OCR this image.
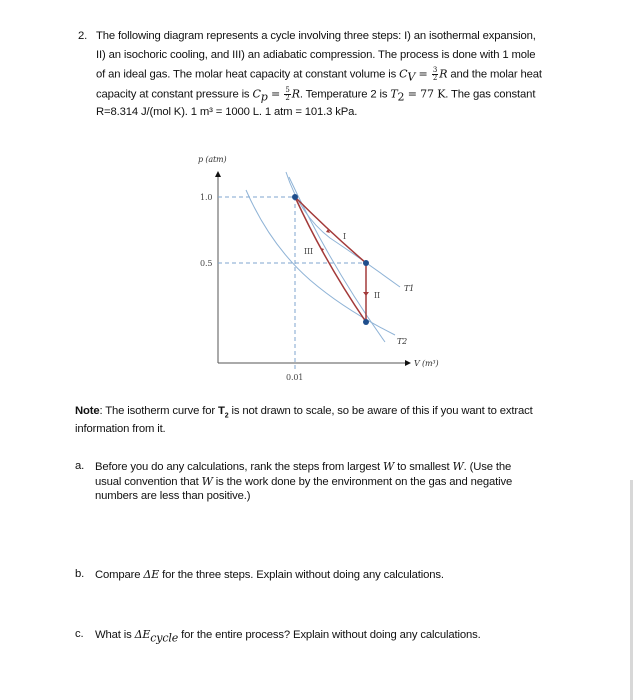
2. The following diagram represents a cycle involving three steps: I) an isothermal expansion,
II) an isochoric cooling, and III) an adiabatic compression. The process is done with 1 mole
of an ideal gas. The molar heat capacity at constant volume is $C_V = \frac{3}{2}$ R and the molar heat
capacity at constant pressure is $C_p = \frac{5}{2} R$. Temperature 2 is $T_2 = 77$ K. The gas constant
R=8.314 J/(mol K). 1 m³ = 1000 L. 1 atm = 101.3 kPa.
p (atm)
V (m³)
1.0
0.5
0.01
T1
T2
I
II
III
Note: The isotherm curve for $T_2$ is not drawn to scale, so be aware of this if you want to extract
information from it.
a. Before you do any calculations, rank the steps from largest W to smallest W. (Use the
usual convention that W is the work done by the environment on the gas and negative
numbers are less than positive.)
b. Compare ΔE for the three steps. Explain without doing any calculations.
c. What is $\Delta E_{cycle}$ for the entire process? Explain without doing any calculations.
